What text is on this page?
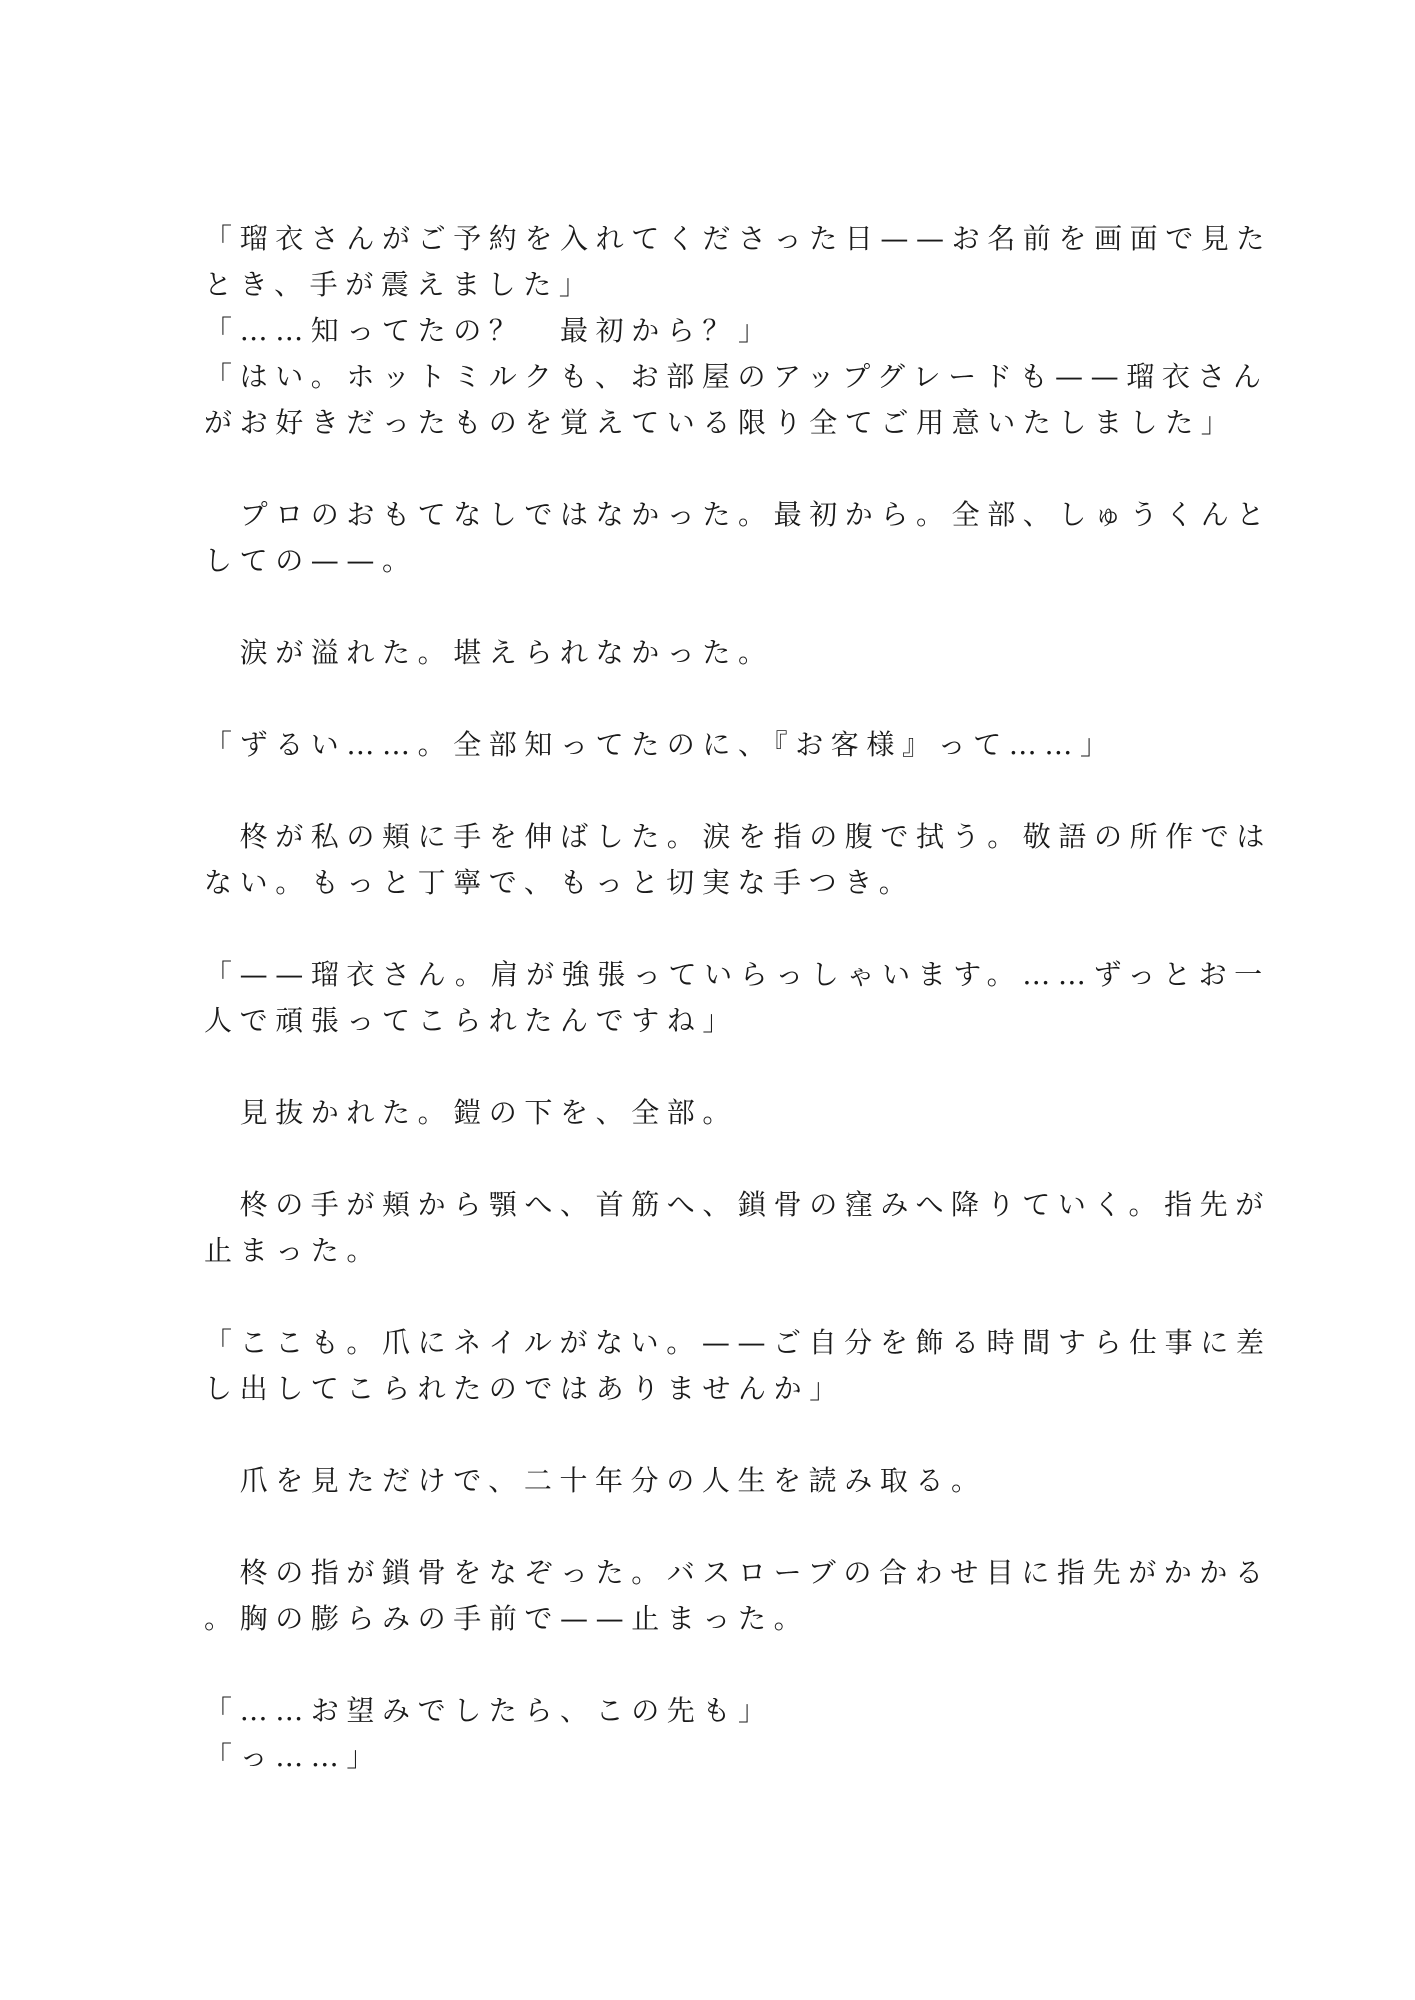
「瑠衣さんがご予約を入れてくださった日——お名前を画面で見た
とき、手が震えました」
「……知ってたの？　最初から？」
「はい。ホットミルクも、お部屋のアップグレードも——瑠衣さん
がお好きだったものを覚えている限り全てご用意いたしました」
　プロのおもてなしではなかった。最初から。全部、しゅうくんと
しての——。
　涙が溢れた。堪えられなかった。
「ずるい……。全部知ってたのに、『お客様』って……」
　柊が私の頬に手を伸ばした。涙を指の腹で拭う。敬語の所作では
ない。もっと丁寧で、もっと切実な手つき。
「——瑠衣さん。肩が強張っていらっしゃいます。……ずっとお一
人で頑張ってこられたんですね」
　見抜かれた。鎧の下を、全部。
　柊の手が頬から顎へ、首筋へ、鎖骨の窪みへ降りていく。指先が
止まった。
「ここも。爪にネイルがない。——ご自分を飾る時間すら仕事に差
し出してこられたのではありませんか」
　爪を見ただけで、二十年分の人生を読み取る。
　柊の指が鎖骨をなぞった。バスローブの合わせ目に指先がかかる
。胸の膨らみの手前で——止まった。
「……お望みでしたら、この先も」
「っ……」
